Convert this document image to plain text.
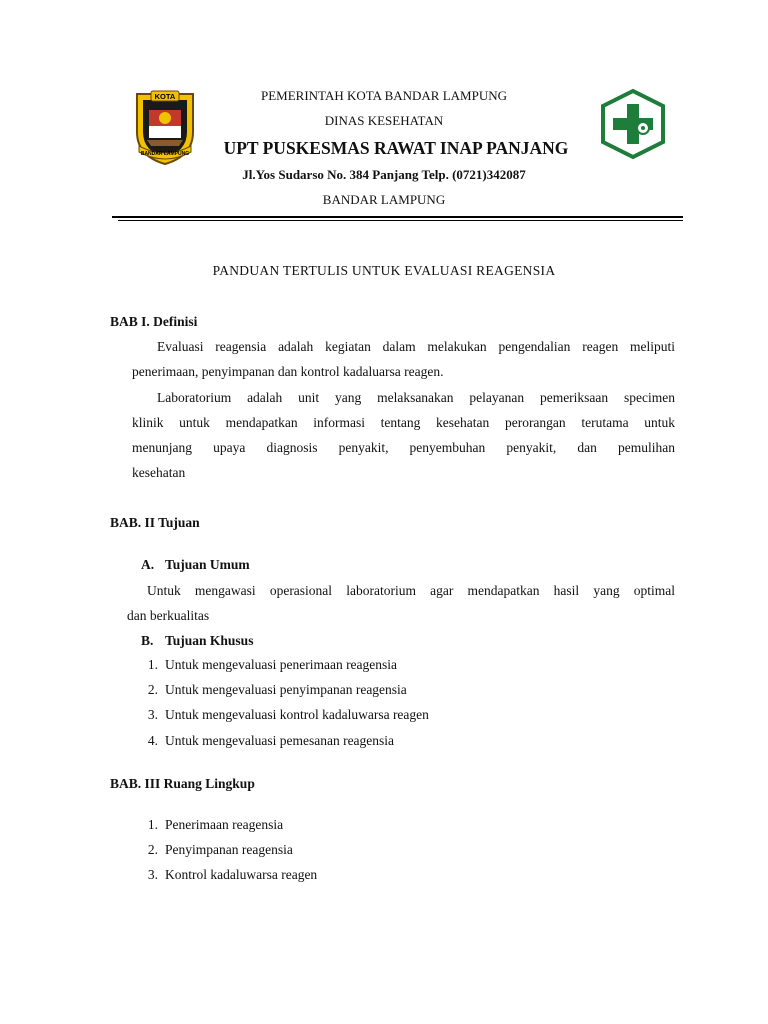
KOTA
BANDAR LAMPUNG
PEMERINTAH KOTA BANDAR LAMPUNG
DINAS KESEHATAN
UPT PUSKESMAS RAWAT INAP PANJANG
Jl.Yos Sudarso No. 384 Panjang Telp. (0721)342087
BANDAR LAMPUNG
PANDUAN TERTULIS UNTUK EVALUASI REAGENSIA
BAB I. Definisi
Evaluasi reagensia adalah kegiatan dalam melakukan pengendalian reagen meliputi
penerimaan, penyimpanan dan kontrol kadaluarsa reagen.
Laboratorium adalah unit yang melaksanakan pelayanan pemeriksaan specimen
klinik untuk mendapatkan informasi tentang kesehatan perorangan terutama untuk
menunjang upaya diagnosis penyakit, penyembuhan penyakit, dan pemulihan
kesehatan
BAB. II Tujuan
A. Tujuan Umum
Untuk mengawasi operasional laboratorium agar mendapatkan hasil yang optimal
dan berkualitas
B. Tujuan Khusus
1. Untuk mengevaluasi penerimaan reagensia
2. Untuk mengevaluasi penyimpanan reagensia
3. Untuk mengevaluasi kontrol kadaluwarsa reagen
4. Untuk mengevaluasi pemesanan reagensia
BAB. III Ruang Lingkup
1. Penerimaan reagensia
2. Penyimpanan reagensia
3. Kontrol kadaluwarsa reagen
